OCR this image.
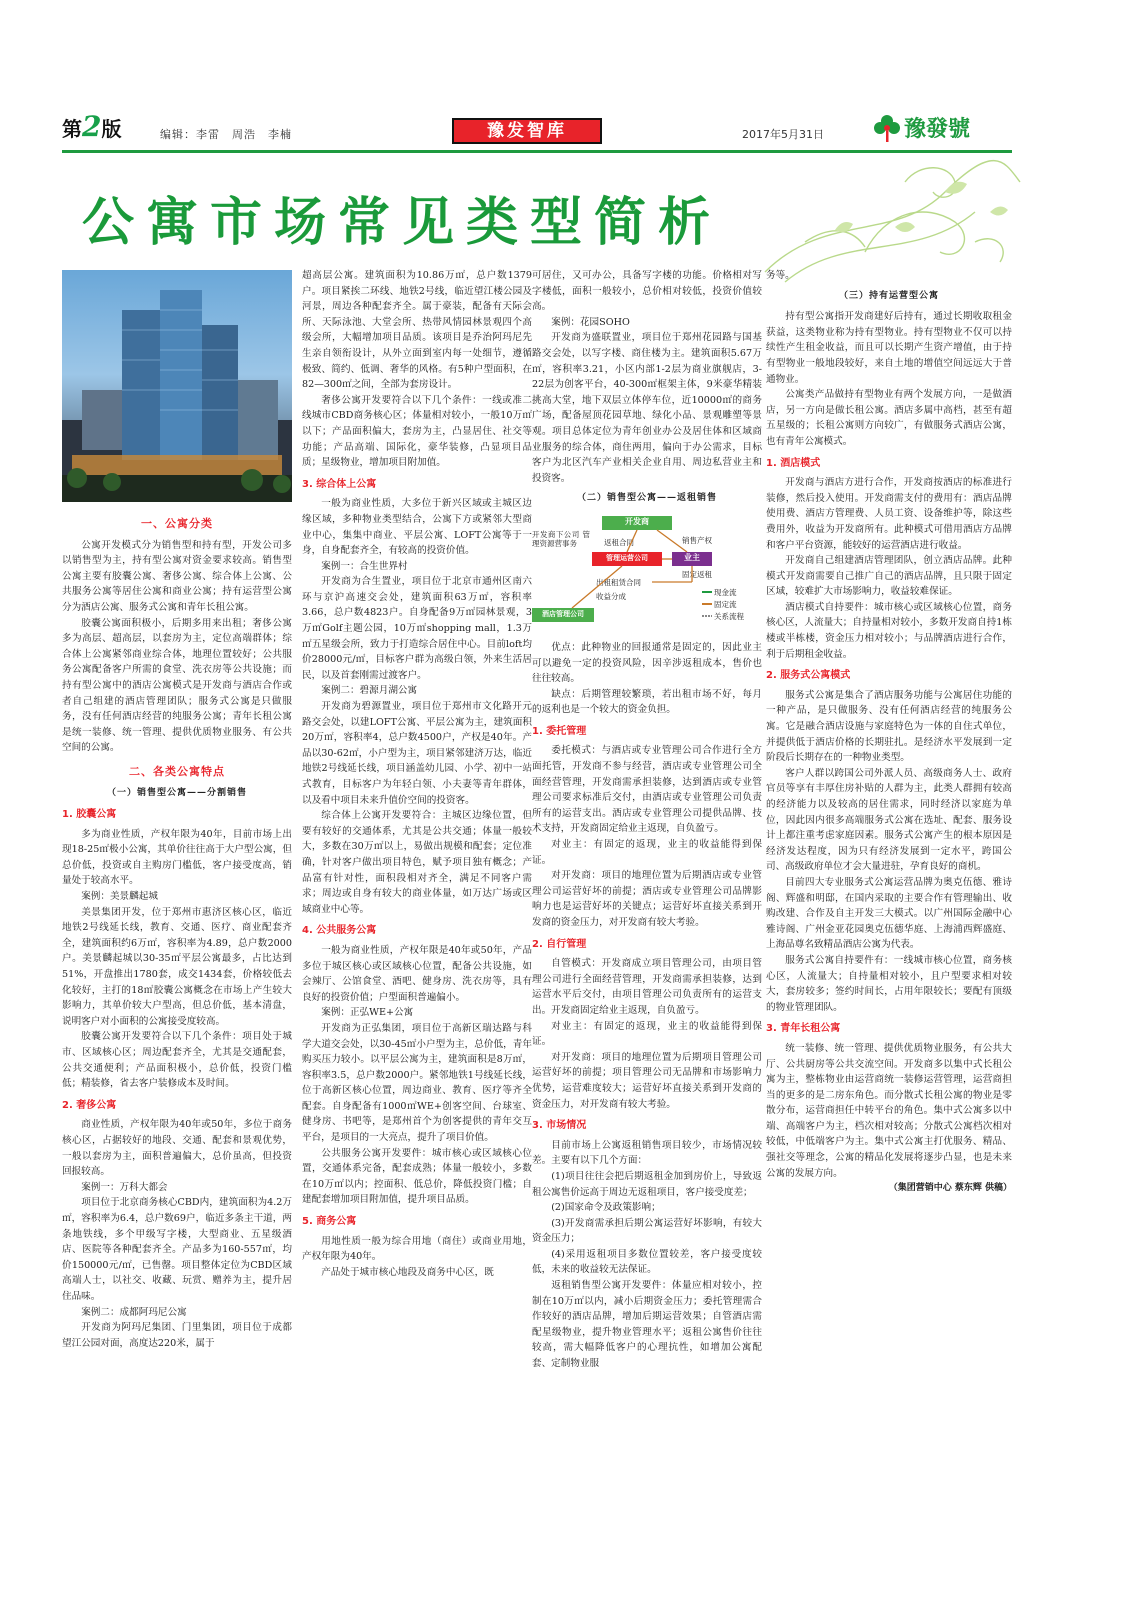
第2版	编辑：李雷　周浩　李楠	豫发智库	2017年5月31日	豫發號
公寓市场常见类型简析
一、公寓分类

公寓开发模式分为销售型和持有型，开发公司多以销售型为主，持有型公寓对资金要求较高。销售型公寓主要有胶囊公寓、奢侈公寓、综合体上公寓、公共服务公寓等居住公寓和商业公寓；持有运营型公寓分为酒店公寓、服务式公寓和青年长租公寓。

胶囊公寓面积极小，后期多用来出租；奢侈公寓多为高层、超高层，以套房为主，定位高端群体；综合体上公寓紧邻商业综合体，地理位置较好；公共服务公寓配备客户所需的食堂、洗衣房等公共设施；而持有型公寓中的酒店公寓模式是开发商与酒店合作或者自己组建的酒店管理团队；服务式公寓是只做服务，没有任何酒店经营的纯服务公寓；青年长租公寓是统一装修、统一管理、提供优质物业服务、有公共空间的公寓。

二、各类公寓特点
（一）销售型公寓——分割销售
1. 胶囊公寓

多为商业性质，产权年限为40年，目前市场上出现18-25㎡极小公寓，其单价往往高于大户型公寓，但总价低，投资或自主购房门槛低，客户接受度高，销量处于较高水平。

案例：美景麟起城

美景集团开发，位于郑州市惠济区核心区，临近地铁2号线延长线，教育、交通、医疗、商业配套齐全，建筑面积约6万㎡，容积率为4.89，总户数2000户。美景麟起城以30-35㎡平层公寓最多，占比达到51%，开盘推出1780套，成交1434套，价格较低去化较好，主打的18㎡胶囊公寓概念在市场上产生较大影响力，其单价较大户型高，但总价低，基本清盘，说明客户对小面积的公寓接受度较高。

胶囊公寓开发要符合以下几个条件：项目处于城市、区域核心区；周边配套齐全，尤其是交通配套，公共交通便利；产品面积极小，总价低，投资门槛低；精装修，省去客户装修成本及时间。

2. 奢侈公寓

商业性质，产权年限为40年或50年，多位于商务核心区，占据较好的地段、交通、配套和景观优势，一般以套房为主，面积普遍偏大，总价虽高，但投资回报较高。

案例一：万科大都会

项目位于北京商务核心CBD内，建筑面积为4.2万㎡，容积率为6.4，总户数69户，临近多条主干道，两条地铁线，多个甲级写字楼，大型商业、五星级酒店、医院等各种配套齐全。产品多为160-557㎡，均价150000元/㎡，已售罄。项目整体定位为CBD区域高端人士，以社交、收藏、玩赏、赠养为主，提升居住品味。

案例二：成都阿玛尼公寓

开发商为阿玛尼集团、门里集团，项目位于成都望江公园对面，高度达220米，属于

超高层公寓。建筑面积为10.86万㎡，总户数1379户。项目紧挨二环线、地铁2号线，临近望江楼公园及河景，周边各种配套齐全。属于豪装，配备有天际会所、天际泳池、大堂会所、热带风情园林景观四个高级会所，大幅增加项目品质。该项目是乔治阿玛尼先生亲自领衔设计，从外立面到室内每一处细节，遵循极致、简约、低调、奢华的风格。有5种户型面积，在82—300㎡之间，全部为套房设计。

奢侈公寓开发要符合以下几个条件：一线或准二线城市CBD商务核心区；体量相对较小，一般10万㎡以下；产品面积偏大，套房为主，凸显居住、社交等功能；产品高端、国际化，豪华装修，凸显项目品质；星级物业，增加项目附加值。

3. 综合体上公寓

一般为商业性质，大多位于新兴区域或主城区边缘区域，多种物业类型结合，公寓下方或紧邻大型商业中心，集集中商业、平层公寓、LOFT公寓等于一身，自身配套齐全，有较高的投资价值。

案例一：合生世界村

开发商为合生置业，项目位于北京市通州区南六环与京沪高速交会处，建筑面积63万㎡，容积率3.66，总户数4823户。自身配备9万㎡园林景观，3万㎡Golf主题公园，10万㎡shopping mall，1.3万㎡五星级会所，致力于打造综合居住中心。目前loft均价28000元/㎡，目标客户群为高级白领，外来生活居民，以及首套刚需过渡客户。

案例二：碧源月湖公寓

开发商为碧源置业，项目位于郑州市文化路开元路交会处，以建LOFT公寓、平层公寓为主，建筑面积20万㎡，容积率4，总户数4500户，产权是40年。产品以30-62㎡，小户型为主，项目紧邻建济万达，临近地铁2号线延长线，项目涵盖幼儿园、小学、初中一站式教育，目标客户为年轻白领、小夫妻等青年群体，以及看中项目未来升值价空间的投资客。

综合体上公寓开发要符合：主城区边缘位置，但要有较好的交通体系，尤其是公共交通；体量一般较大，多数在30万㎡以上，易做出规模和配套；定位准确，针对客户做出项目特色，赋予项目独有概念；产品富有针对性，面积段相对齐全，满足不同客户需求；周边或自身有较大的商业体量，如万达广场或区域商业中心等。

4. 公共服务公寓

一般为商业性质，产权年限是40年或50年，产品多位于城区核心或区域核心位置，配备公共设施，如会辣厅、公馆食堂、酒吧、健身房、洗衣房等，具有良好的投资价值；户型面积普遍偏小。

案例：正弘WE+公寓

开发商为正弘集团，项目位于高新区瑞达路与科学大道交会处，以30-45㎡小户型为主，总价低，青年购买压力较小。以平层公寓为主，建筑面积是8万㎡，容积率3.5，总户数2000户。紧邻地铁1号线延长线，位于高新区核心位置，周边商业、教育、医疗等齐全配套。自身配备有1000㎡WE+创客空间、台球室、健身房、书吧等，是郑州首个为创客提供的青年交互平台，是项目的一大亮点，提升了项目价值。

公共服务公寓开发要件：城市核心或区域核心位置，交通体系完备，配套成熟；体量一般较小，多数在10万㎡以内；控面积、低总价，降低投资门槛；自建配套增加项目附加值，提升项目品质。

5. 商务公寓

用地性质一般为综合用地（商住）或商业用地，产权年限为40年。

产品处于城市核心地段及商务中心区，既

可居住，又可办公，具备写字楼的功能。价格相对写字楼低，面积一般较小，总价相对较低，投资价值较高。

案例：花园SOHO

开发商为盛联置业，项目位于郑州花园路与国基路交会处，以写字楼、商住楼为主。建筑面积5.67万㎡，容积率3.21，小区内部1-2层为商业旗舰店，3-22层为创客平台，40-300㎡框架主体，9米豪华精装挑高大堂，地下双层立体停车位，近10000㎡的商务广场，配备屋顶花园草地、绿化小品、景观雕塑等景观。项目总体定位为青年创业办公及居住体和区域商业服务的综合体，商住两用，偏向于办公需求，目标客户为北区汽车产业相关企业自用、周边私营业主和投资客。

（二）销售型公寓——返租销售
开发商下公司 管理资源营事务
开发商
管理运营公司	业主
酒店管理公司
返租合同	销售产权
固定返租
出租租赁合同
收益分成	现金流
固定流
关系流程

优点：此种物业的回报通常是固定的，因此业主可以避免一定的投资风险，因辛涉返租成本，售价也往往较高。

缺点：后期管理较繁琐，若出租市场不好，每月的返利也是一个较大的资金负担。

1. 委托管理

委托模式：与酒店或专业管理公司合作进行全方面托管，开发商不参与经营，酒店或专业管理公司全面经营管理，开发商需承担装修，达到酒店或专业管理公司要求标准后交付，由酒店或专业管理公司负责所有的运营支出。酒店或专业管理公司提供品牌、技术支持，开发商固定给业主返现，自负盈亏。

对业主：有固定的返现，业主的收益能得到保证。

对开发商：项目的地理位置为后期酒店或专业管理公司运营好坏的前提；酒店或专业管理公司品牌影响力也是运营好坏的关键点；运营好坏直接关系到开发商的资金压力，对开发商有较大考验。

2. 自行管理

自管模式：开发商成立项目管理公司，由项目管理公司进行全面经营管理，开发商需承担装修，达到运营水平后交付，由项目管理公司负责所有的运营支出。开发商固定给业主返现，自负盈亏。

对业主：有固定的返现，业主的收益能得到保证。

对开发商：项目的地理位置为后期项目管理公司运营好坏的前提；项目管理公司无品牌和市场影响力优势，运营难度较大；运营好坏直接关系到开发商的资金压力，对开发商有较大考验。

3. 市场情况

目前市场上公寓返租销售项目较少，市场情况较差。主要有以下几个方面：

(1)项目往往会把后期返租金加到房价上，导致返租公寓售价远高于周边无返租项目，客户接受度差；

(2)国家命令及政策影响；

(3)开发商需承担后期公寓运营好坏影响，有较大资金压力；

(4)采用返租项目多数位置较差，客户接受度较低，未来的收益较无法保证。

返租销售型公寓开发要件：体量应相对较小，控制在10万㎡以内，减小后期资金压力；委托管理需合作较好的酒店品牌，增加后期运营效果；自管酒店需配星级物业，提升物业管理水平；返租公寓售价往往较高，需大幅降低客户的心理抗性，如增加公寓配套、定制物业服

务等。

（三）持有运营型公寓

持有型公寓指开发商建好后持有，通过长期收取租金获益，这类物业称为持有型物业。持有型物业不仅可以持续性产生租金收益，而且可以长期产生资产增值，由于持有型物业一般地段较好，来自土地的增值空间远远大于普通物业。

公寓类产品做持有型物业有两个发展方向，一是做酒店，另一方向是做长租公寓。酒店多属中高档，甚至有超五星级的；长租公寓则方向较广，有做服务式酒店公寓，也有青年公寓模式。

1. 酒店模式

开发商与酒店方进行合作，开发商按酒店的标准进行装修，然后投入使用。开发商需支付的费用有：酒店品牌使用费、酒店方管理费、人员工资、设备维护等，除这些费用外，收益为开发商所有。此种模式可借用酒店方品牌和客户平台资源，能较好的运营酒店进行收益。

开发商自己组建酒店管理团队，创立酒店品牌。此种模式开发商需要自己推广自己的酒店品牌，且只限于固定区域，较难扩大市场影响力，收益较难保证。

酒店模式自持要件：城市核心或区域核心位置，商务核心区，人流量大；自持量相对较小，多数开发商自持1栋楼或半栋楼，资金压力相对较小；与品牌酒店进行合作，利于后期租金收益。

2. 服务式公寓模式

服务式公寓是集合了酒店服务功能与公寓居住功能的一种产品，是只做服务、没有任何酒店经营的纯服务公寓。它是融合酒店设施与家庭特色为一体的自住式单位，并提供低于酒店价格的长期驻扎。是经济水平发展到一定阶段后长期存在的一种物业类型。

客户人群以跨国公司外派人员、高级商务人士、政府官员等享有丰厚住房补贴的人群为主，此类人群拥有较高的经济能力以及较高的居住需求，同时经济以家庭为单位，因此因内很多高端服务式公寓在选址、配套、服务设计上都注重考虑家庭因素。服务式公寓产生的根本原因是经济发达程度，因为只有经济发展到一定水平，跨国公司、高级政府单位才会大量进驻，孕育良好的商机。

目前四大专业服务式公寓运营品牌为奥克伍德、雅诗阁、辉盛和明邸，在国内采取的主要合作有管理输出、收购改建、合作及自主开发三大模式。以广州国际金融中心雅诗阁、广州金亚花园奥克伍德华庭、上海浦西辉盛庭、上海品尊名致精品酒店公寓为代表。

服务式公寓自持要件有：一线城市核心位置，商务核心区，人流量大；自持量相对较小，且户型要求相对较大，套房较多；签约时间长，占用年限较长；要配有顶级的物业管理团队。

3. 青年长租公寓

统一装修、统一管理、提供优质物业服务，有公共大厅、公共厨房等公共交流空间。开发商多以集中式长租公寓为主，整栋物业由运营商统一装修运营管理，运营商担当的更多的是二房东角色。而分散式长租公寓的物业是零散分布，运营商担任中转平台的角色。集中式公寓多以中端、高端客户为主，档次相对较高；分散式公寓档次相对较低，中低端客户为主。集中式公寓主打优服务、精品、强社交等理念，公寓的精品化发展将逐步凸显，也是未来公寓的发展方向。

（集团营销中心 蔡东辉 供稿）
